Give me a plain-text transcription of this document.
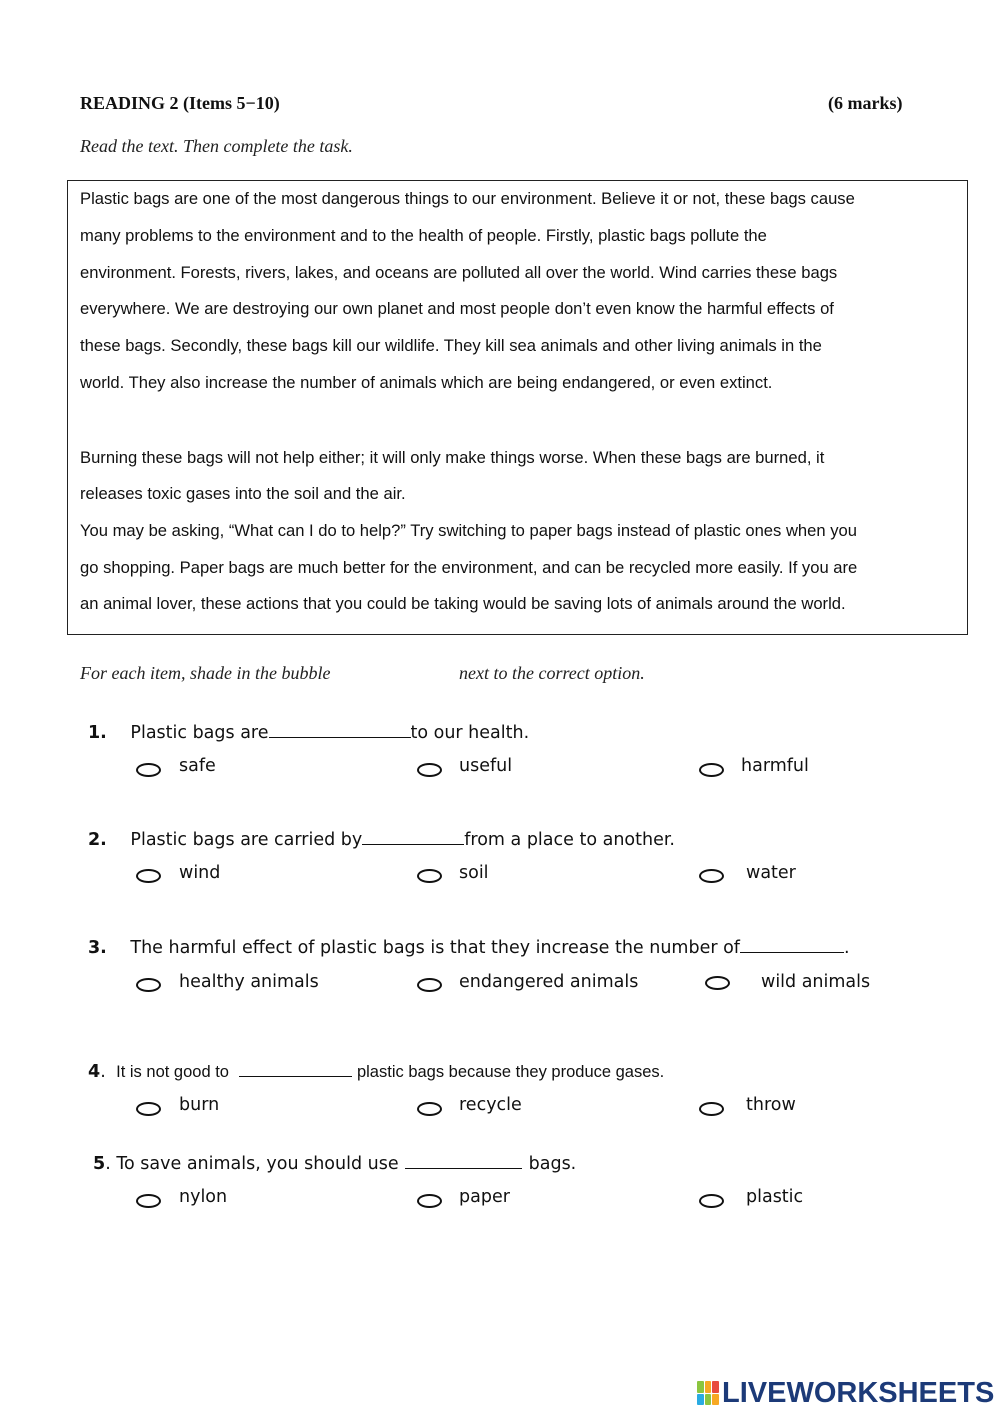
READING 2 (Items 5−10)	(6 marks)
Read the text. Then complete the task.
Plastic bags are one of the most dangerous things to our environment. Believe it or not, these bags cause
many problems to the environment and to the health of people. Firstly, plastic bags pollute the
environment. Forests, rivers, lakes, and oceans are polluted all over the world. Wind carries these bags
everywhere. We are destroying our own planet and most people don’t even know the harmful effects of
these bags. Secondly, these bags kill our wildlife. They kill sea animals and other living animals in the
world. They also increase the number of animals which are being endangered, or even extinct.
Burning these bags will not help either; it will only make things worse. When these bags are burned, it
releases toxic gases into the soil and the air.
You may be asking, “What can I do to help?” Try switching to paper bags instead of plastic ones when you
go shopping. Paper bags are much better for the environment, and can be recycled more easily. If you are
an animal lover, these actions that you could be taking would be saving lots of animals around the world.
For each item, shade in the bubble	next to the correct option.
1. Plastic bags are	to our health.
safe	useful	harmful
2. Plastic bags are carried by	from a place to another.
wind	soil	water
3. The harmful effect of plastic bags is that they increase the number of	.
healthy animals	endangered animals	wild animals
4. It is not good to	plastic bags because they produce gases.
burn	recycle	throw
5. To save animals, you should use	bags.
nylon	paper	plastic
LIVEWORKSHEETS
